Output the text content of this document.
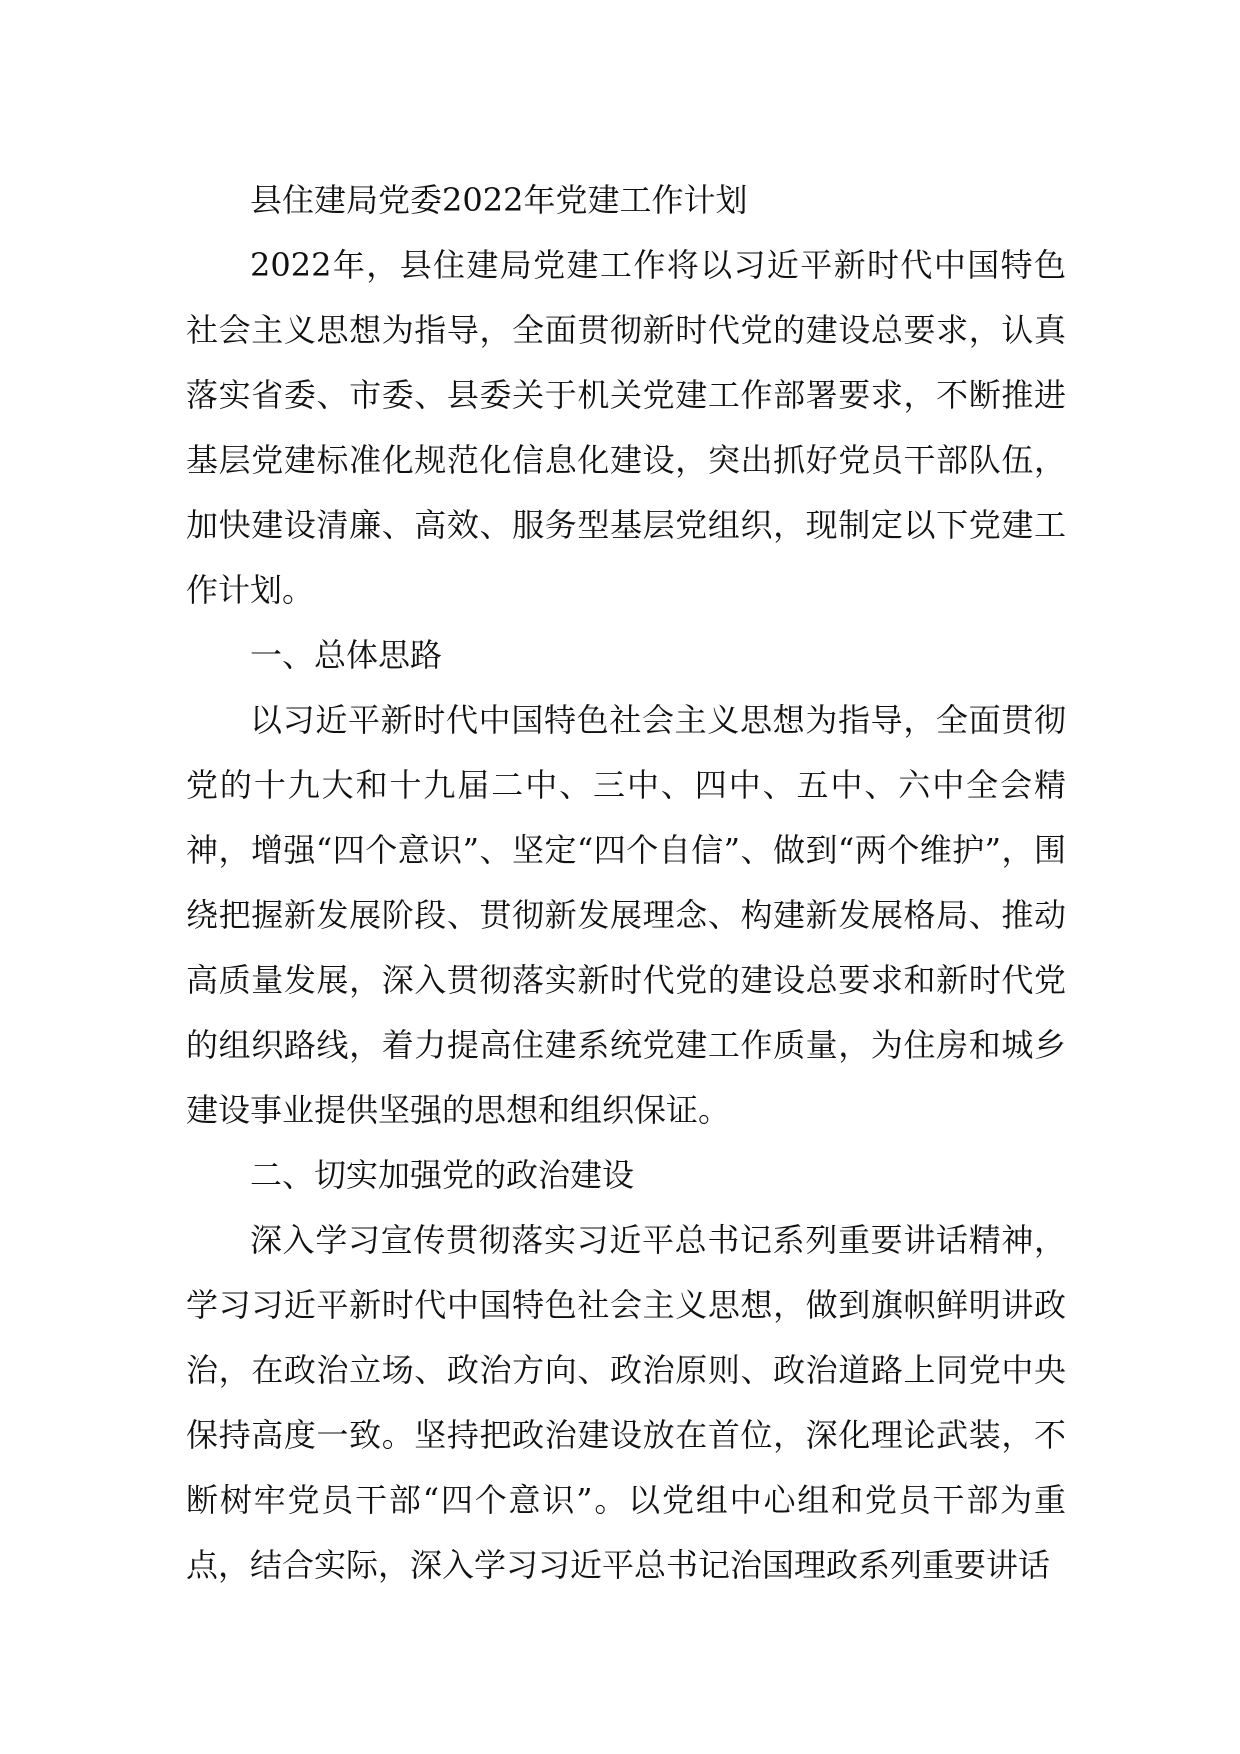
县住建局党委2022年党建工作计划

2022年，县住建局党建工作将以习近平新时代中国特色社会主义思想为指导，全面贯彻新时代党的建设总要求，认真落实省委、市委、县委关于机关党建工作部署要求，不断推进基层党建标准化规范化信息化建设，突出抓好党员干部队伍，加快建设清廉、高效、服务型基层党组织，现制定以下党建工作计划。

一、总体思路

以习近平新时代中国特色社会主义思想为指导，全面贯彻党的十九大和十九届二中、三中、四中、五中、六中全会精神，增强“四个意识”、坚定“四个自信”、做到“两个维护”，围绕把握新发展阶段、贯彻新发展理念、构建新发展格局、推动高质量发展，深入贯彻落实新时代党的建设总要求和新时代党的组织路线，着力提高住建系统党建工作质量，为住房和城乡建设事业提供坚强的思想和组织保证。

二、切实加强党的政治建设

深入学习宣传贯彻落实习近平总书记系列重要讲话精神，学习习近平新时代中国特色社会主义思想，做到旗帜鲜明讲政治，在政治立场、政治方向、政治原则、政治道路上同党中央保持高度一致。坚持把政治建设放在首位，深化理论武装，不断树牢党员干部“四个意识”。以党组中心组和党员干部为重点，结合实际，深入学习习近平总书记治国理政系列重要讲话
